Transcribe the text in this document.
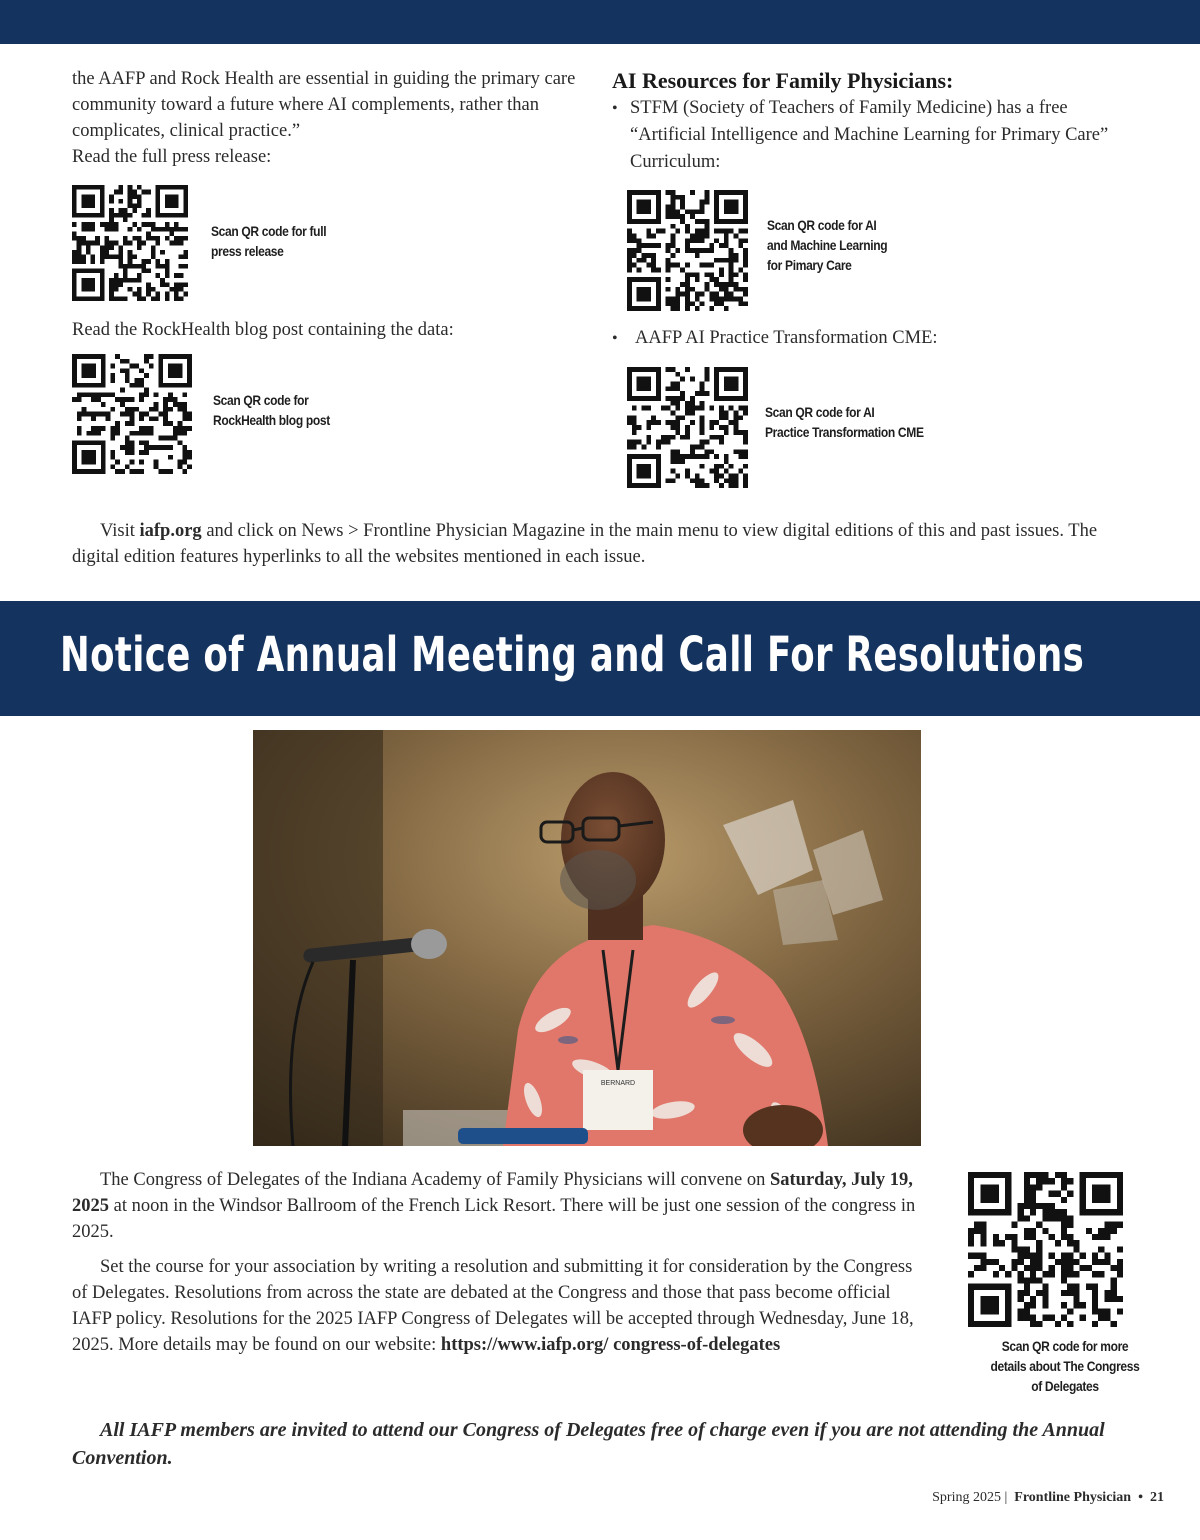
the AAFP and Rock Health are essential in guiding the primary care community toward a future where AI complements, rather than complicates, clinical practice.”

Read the full press release:

Scan QR code for full
press release

Read the RockHealth blog post containing the data:

Scan QR code for
RockHealth blog post
AI Resources for Family Physicians:
• STFM (Society of Teachers of Family Medicine) has a free “Artificial Intelligence and Machine Learning for Primary Care” Curriculum:
Scan QR code for AI
and Machine Learning
for Pimary Care
• AAFP AI Practice Transformation CME:
Scan QR code for AI
Practice Transformation CME

Visit iafp.org and click on News > Frontline Physician Magazine in the main menu to view digital editions of this and past issues. The digital edition features hyperlinks to all the websites mentioned in each issue.

Notice of Annual Meeting and Call For Resolutions
BERNARD

The Congress of Delegates of the Indiana Academy of Family Physicians will convene on Saturday, July 19, 2025 at noon in the Windsor Ballroom of the French Lick Resort. There will be just one session of the congress in 2025.

Set the course for your association by writing a resolution and submitting it for consideration by the Congress of Delegates. Resolutions from across the state are debated at the Congress and those that pass become official IAFP policy. Resolutions for the 2025 IAFP Congress of Delegates will be accepted through Wednesday, June 18, 2025. More details may be found on our website: https://www.iafp.org/ congress-of-delegates	Scan QR code for more
details about The Congress
of Delegates

All IAFP members are invited to attend our Congress of Delegates free of charge even if you are not attending the Annual Convention.

Spring 2025 | Frontline Physician • 21
